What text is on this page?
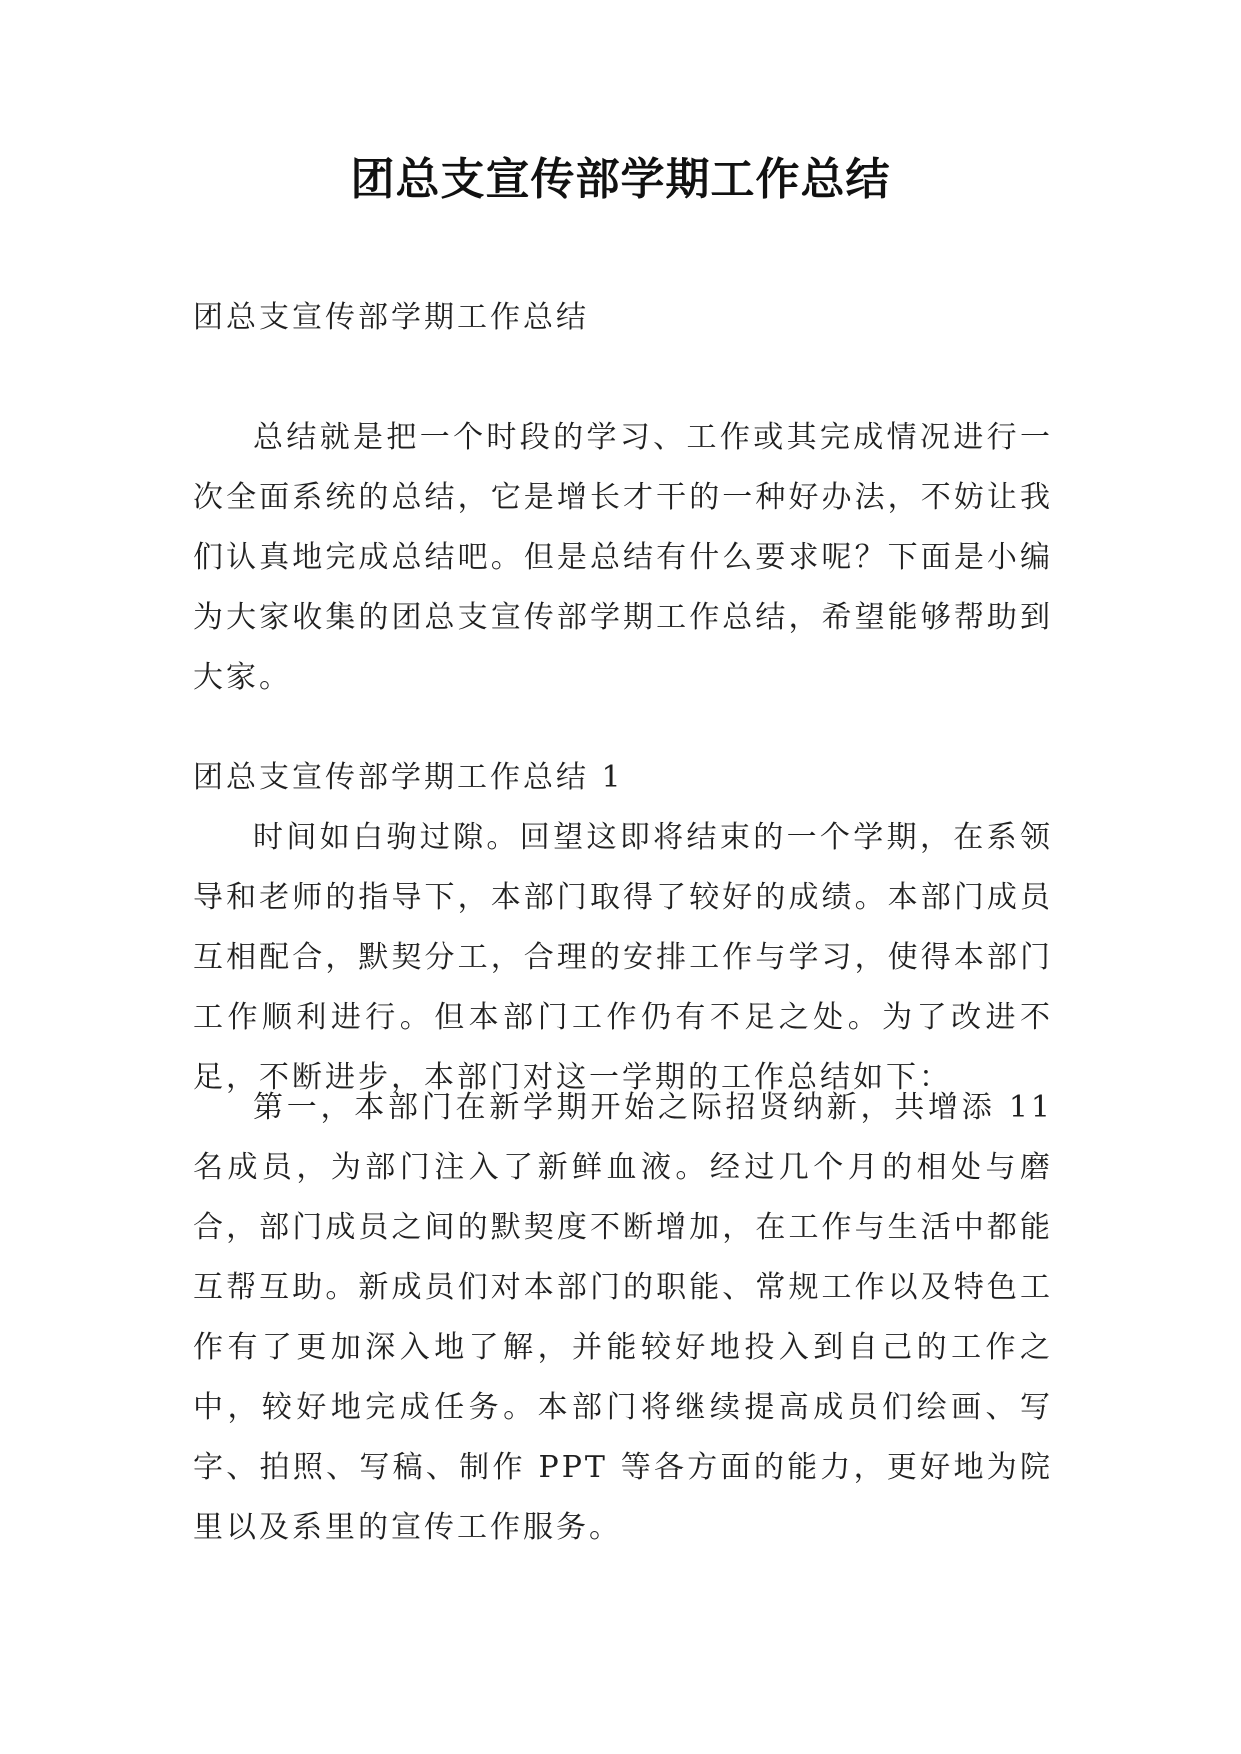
团总支宣传部学期工作总结
团总支宣传部学期工作总结

总结就是把一个时段的学习、工作或其完成情况进行一次全面系统的总结，它是增长才干的一种好办法，不妨让我们认真地完成总结吧。但是总结有什么要求呢？下面是小编为大家收集的团总支宣传部学期工作总结，希望能够帮助到大家。

团总支宣传部学期工作总结 1

时间如白驹过隙。回望这即将结束的一个学期，在系领导和老师的指导下，本部门取得了较好的成绩。本部门成员互相配合，默契分工，合理的安排工作与学习，使得本部门工作顺利进行。但本部门工作仍有不足之处。为了改进不足，不断进步，本部门对这一学期的工作总结如下：

第一，本部门在新学期开始之际招贤纳新，共增添 11 名成员，为部门注入了新鲜血液。经过几个月的相处与磨合，部门成员之间的默契度不断增加，在工作与生活中都能互帮互助。新成员们对本部门的职能、常规工作以及特色工作有了更加深入地了解，并能较好地投入到自己的工作之中，较好地完成任务。本部门将继续提高成员们绘画、写字、拍照、写稿、制作 PPT 等各方面的能力，更好地为院里以及系里的宣传工作服务。
